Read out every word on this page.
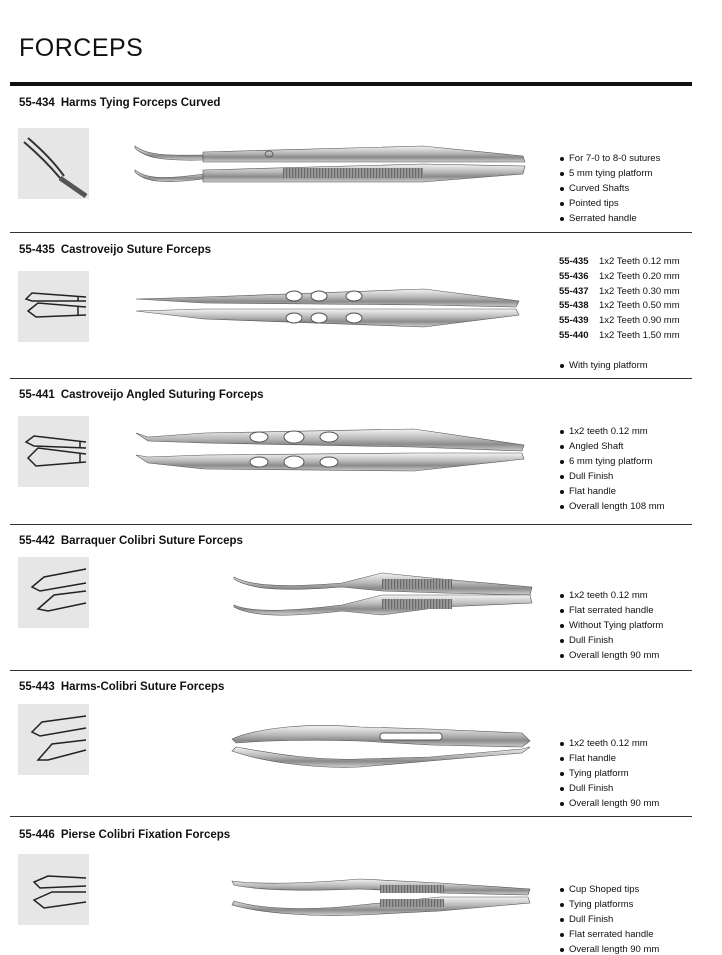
FORCEPS
55-434 Harms Tying Forceps Curved
For 7-0 to 8-0 sutures
5 mm tying platform
Curved Shafts
Pointed tips
Serrated handle
55-435 Castroveijo Suture Forceps
55-435 1x2 Teeth 0.12 mm
55-436 1x2 Teeth 0.20 mm
55-437 1x2 Teeth 0.30 mm
55-438 1x2 Teeth 0.50 mm
55-439 1x2 Teeth 0.90 mm
55-440 1x2 Teeth 1.50 mm
With tying platform
55-441 Castroveijo Angled Suturing Forceps
1x2 teeth 0.12 mm
Angled Shaft
6 mm tying platform
Dull Finish
Flat handle
Overall length 108 mm
55-442 Barraquer Colibri Suture Forceps
1x2 teeth 0.12 mm
Flat serrated handle
Without Tying platform
Dull Finish
Overall length 90 mm
55-443 Harms-Colibri Suture Forceps
1x2 teeth 0.12 mm
Flat handle
Tying platform
Dull Finish
Overall length 90 mm
55-446 Pierse Colibri Fixation Forceps
Cup Shoped tips
Tying platforms
Dull Finish
Flat serrated handle
Overall length 90 mm
